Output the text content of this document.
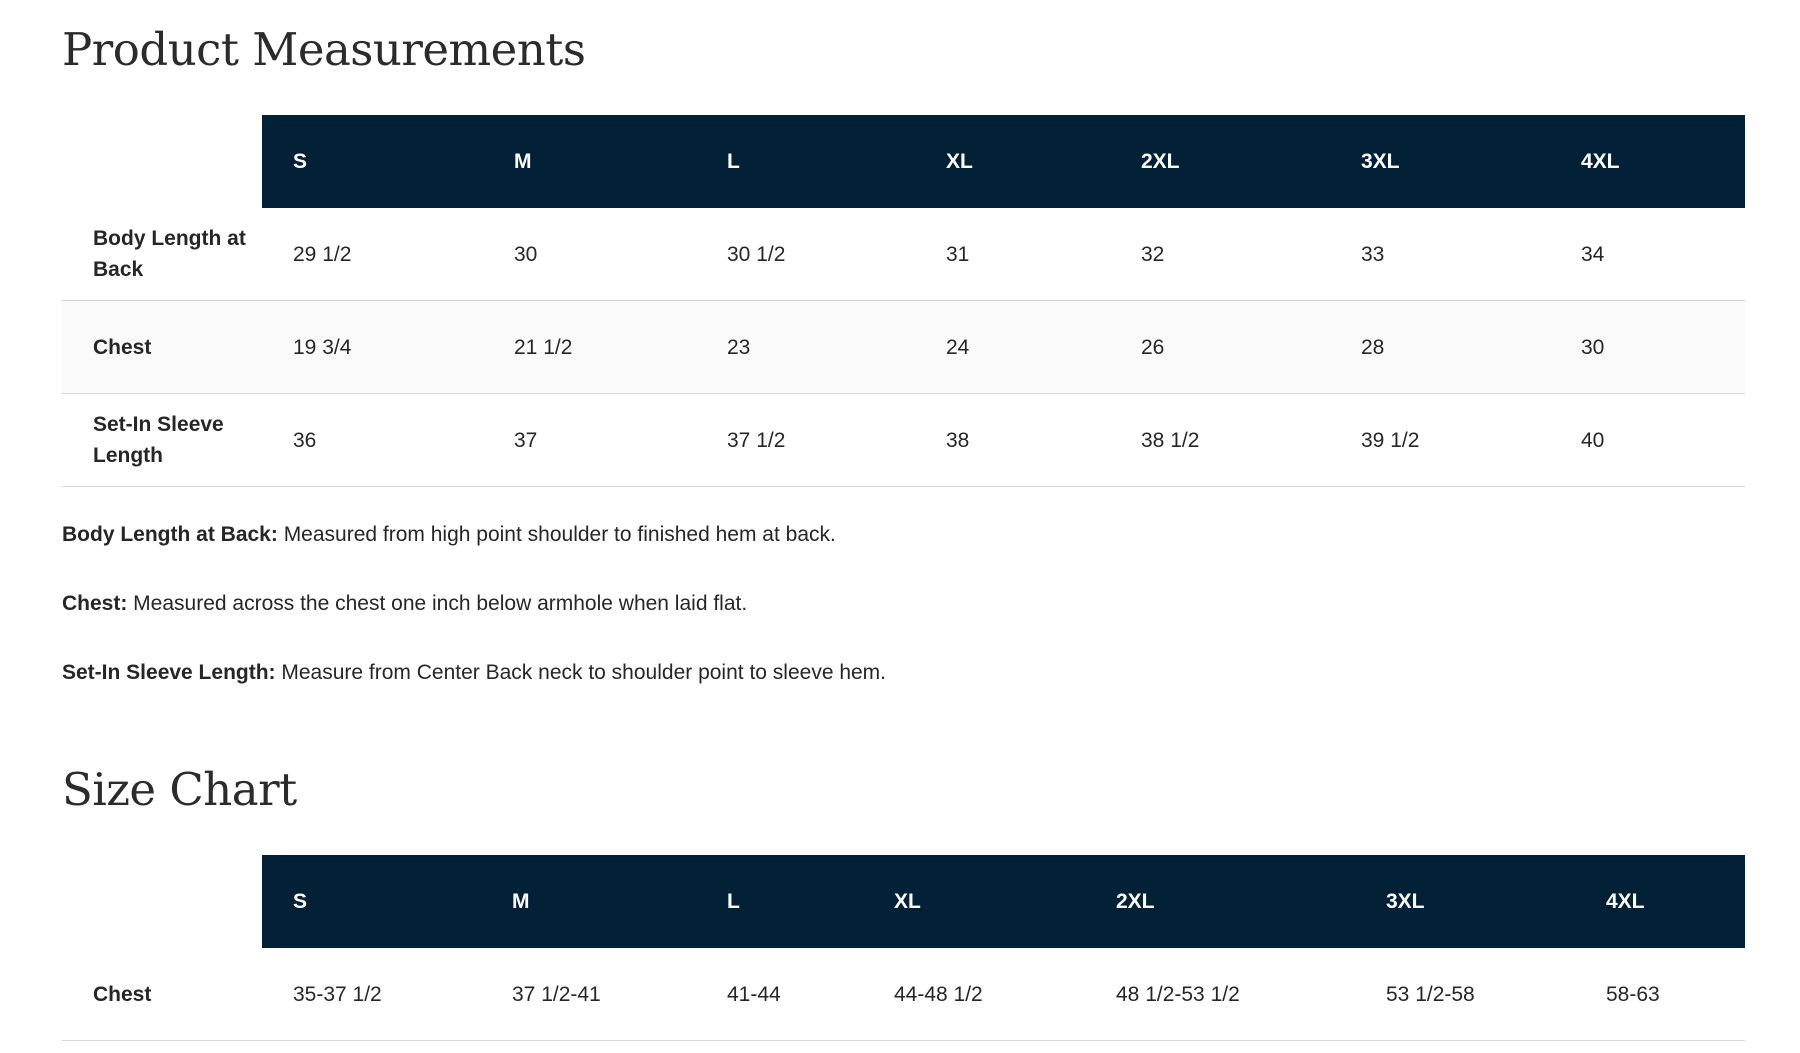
Product Measurements
	S	M	L	XL	2XL	3XL	4XL
Body Length at Back	29 1/2	30	30 1/2	31	32	33	34
Chest	19 3/4	21 1/2	23	24	26	28	30
Set-In Sleeve Length	36	37	37 1/2	38	38 1/2	39 1/2	40

Body Length at Back: Measured from high point shoulder to finished hem at back.

Chest: Measured across the chest one inch below armhole when laid flat.

Set-In Sleeve Length: Measure from Center Back neck to shoulder point to sleeve hem.

Size Chart
	S	M	L	XL	2XL	3XL	4XL
Chest	35-37 1/2	37 1/2-41	41-44	44-48 1/2	48 1/2-53 1/2	53 1/2-58	58-63
